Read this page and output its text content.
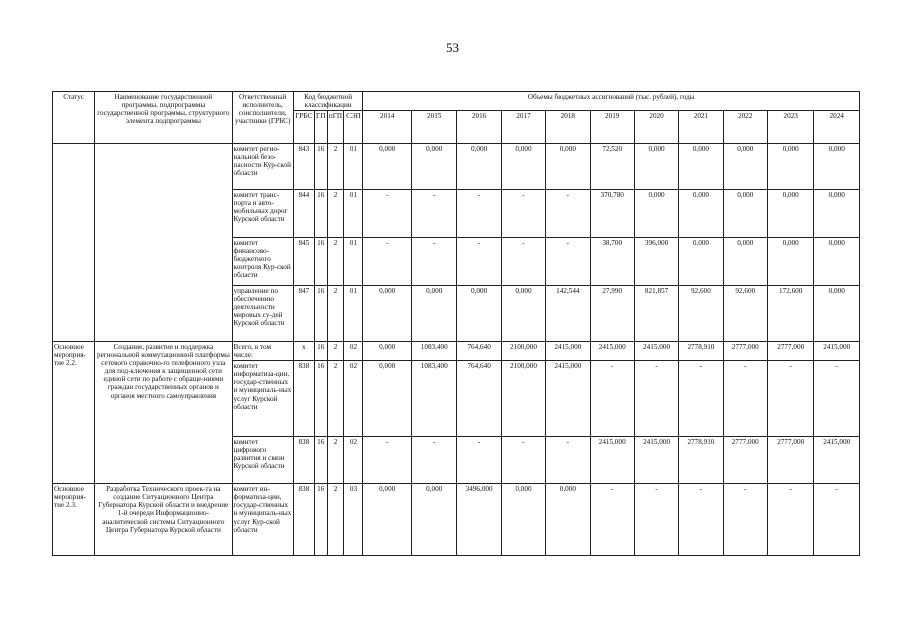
53
Статус	Наименование государственной программы, подпрограммы государственной программы, структурного элемента подпрограммы	Ответственный исполнитель, соисполнители, участники (ГРБС)	Код бюджетной классификации				Объемы бюджетных ассигнований (тыс. рублей), годы										
			ГРБС	ГП	пГП	СЭП	2014	2015	2016	2017	2018	2019	2020	2021	2022	2023	2024
		комитет регио-нальной безо-пасности Кур-ской области	843	16	2	01	0,000	0,000	0,000	0,000	0,000	72,520	0,000	0,000	0,000	0,000	0,000
		комитет транс-порта и авто-мобильных дорог Курской области	844	16	2	01	-	-	-	-	-	370,780	0,000	0,000	0,000	0,000	0,000
		комитет финансово-бюджетного контроля Кур-ской области	845	16	2	01	-	-	-	-	-	38,700	396,000	0,000	0,000	0,000	0,000
		управление по обеспечению деятельности мировых су-дей Курской области	847	16	2	01	0,000	0,000	0,000	0,000	142,544	27,990	821,857	92,600	92,600	172,600	0,000
Основное мероприя-тие 2.2.	Создание, развитие и поддержка региональной коммутационной платформы сетевого справочно-го телефонного узла для под-ключения к защищенной сети единой сети по работе с обраще-ниями граждан государственных органов и органов местного самоуправления	Всего, в том числе:	х	16	2	02	0,000	1083,400	764,640	2100,000	2415,000	2415,000	2415,000	2778,910	2777,000	2777,000	2415,000
		комитет информатиза-ции, государ-ственных и муниципаль-ных услуг Курской области	838	16	2	02	0,000	1083,400	764,640	2100,000	2415,000	-	-	-	-	-	-
		комитет цифрового развития и связи Курской области	838	16	2	02	-	-	-	-	-	2415,000	2415,000	2778,910	2777,000	2777,000	2415,000
Основное мероприя-тие 2.3.	Разработка Технического проек-та на создание Ситуационного Центра Губернатора Курской области и внедрение 1-й очереди Информационно-аналитической системы Ситуационного Центра Губернатора Курской области	комитет ин-форматиза-ции, государ-ственных и муниципаль-ных услуг Кур-ской области	838	16	2	03	0,000	0,000	3496,000	0,000	0,000	-	-	-	-	-	-
